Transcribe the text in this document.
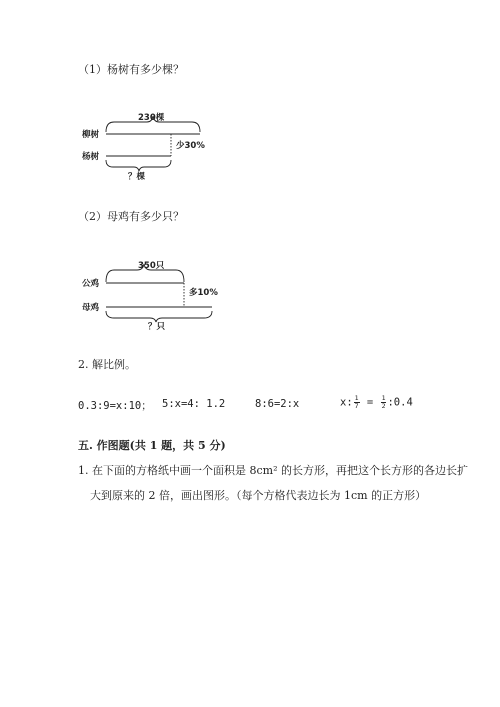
（1）杨树有多少棵？
230棵
柳树
杨树
少30%
？棵
（2）母鸡有多少只？
350只
公鸡
母鸡
多10%
？只
2. 解比例。
0.3:9=x:10； 5:x=4: 1.2	8:6=2:x	x: $\frac{1}{7} = \frac{1}{2}$ :0.4
五. 作图题(共 1 题，共 5 分)
1. 在下面的方格纸中画一个面积是 8cm² 的长方形，再把这个长方形的各边长扩
大到原来的 2 倍，画出图形。（每个方格代表边长为 1cm 的正方形）
